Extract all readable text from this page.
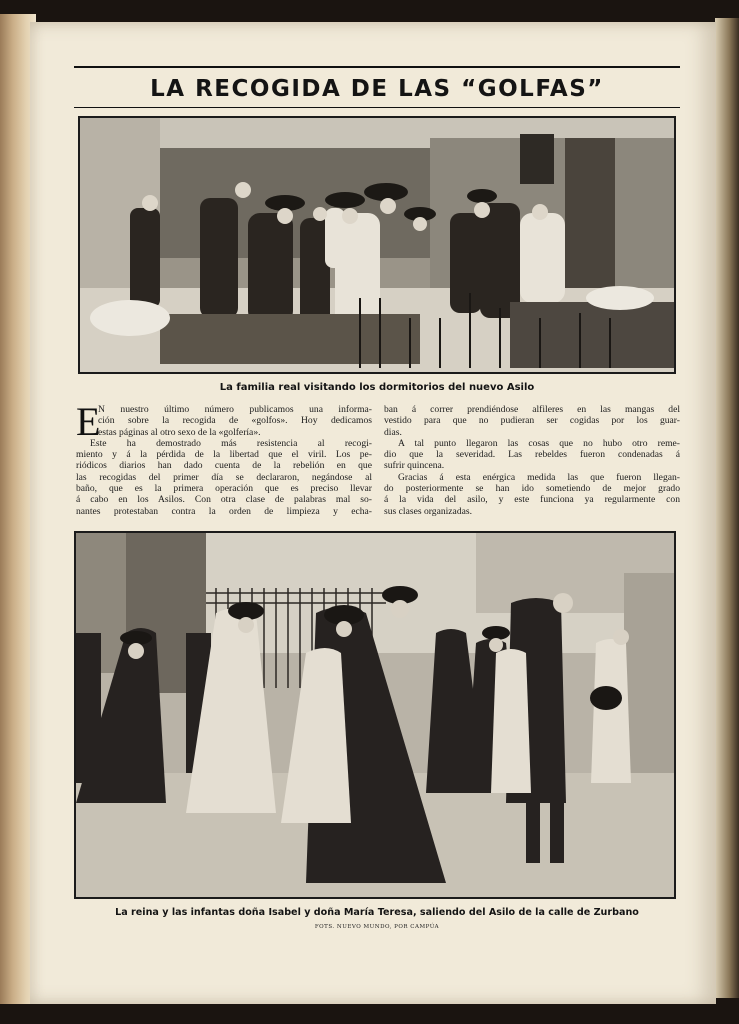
LA RECOGIDA DE LAS “GOLFAS”
La familia real visitando los dormitorios del nuevo Asilo
E
N nuestro último número publicamos una informa-
ción sobre la recogida de «golfos». Hoy dedicamos
estas páginas al otro sexo de la «golfería».
Este ha demostrado más resistencia al recogi-
miento y á la pérdida de la libertad que el viril. Los pe-
riódicos diarios han dado cuenta de la rebelión en que
las recogidas del primer día se declararon, negándose al
baño, que es la primera operación que es preciso llevar
á cabo en los Asilos. Con otra clase de palabras mal so-
nantes protestaban contra la orden de limpieza y echa-
ban á correr prendiéndose alfileres en las mangas del
vestido para que no pudieran ser cogidas por los guar-
dias.
A tal punto llegaron las cosas que no hubo otro reme-
dio que la severidad. Las rebeldes fueron condenadas á
sufrir quincena.
Gracias á esta enérgica medida las que fueron llegan-
do posteriormente se han ido sometiendo de mejor grado
á la vida del asilo, y este funciona ya regularmente con
sus clases organizadas.
La reina y las infantas doña Isabel y doña María Teresa, saliendo del Asilo de la calle de Zurbano
FOTS. NUEVO MUNDO, POR CAMPÚA
